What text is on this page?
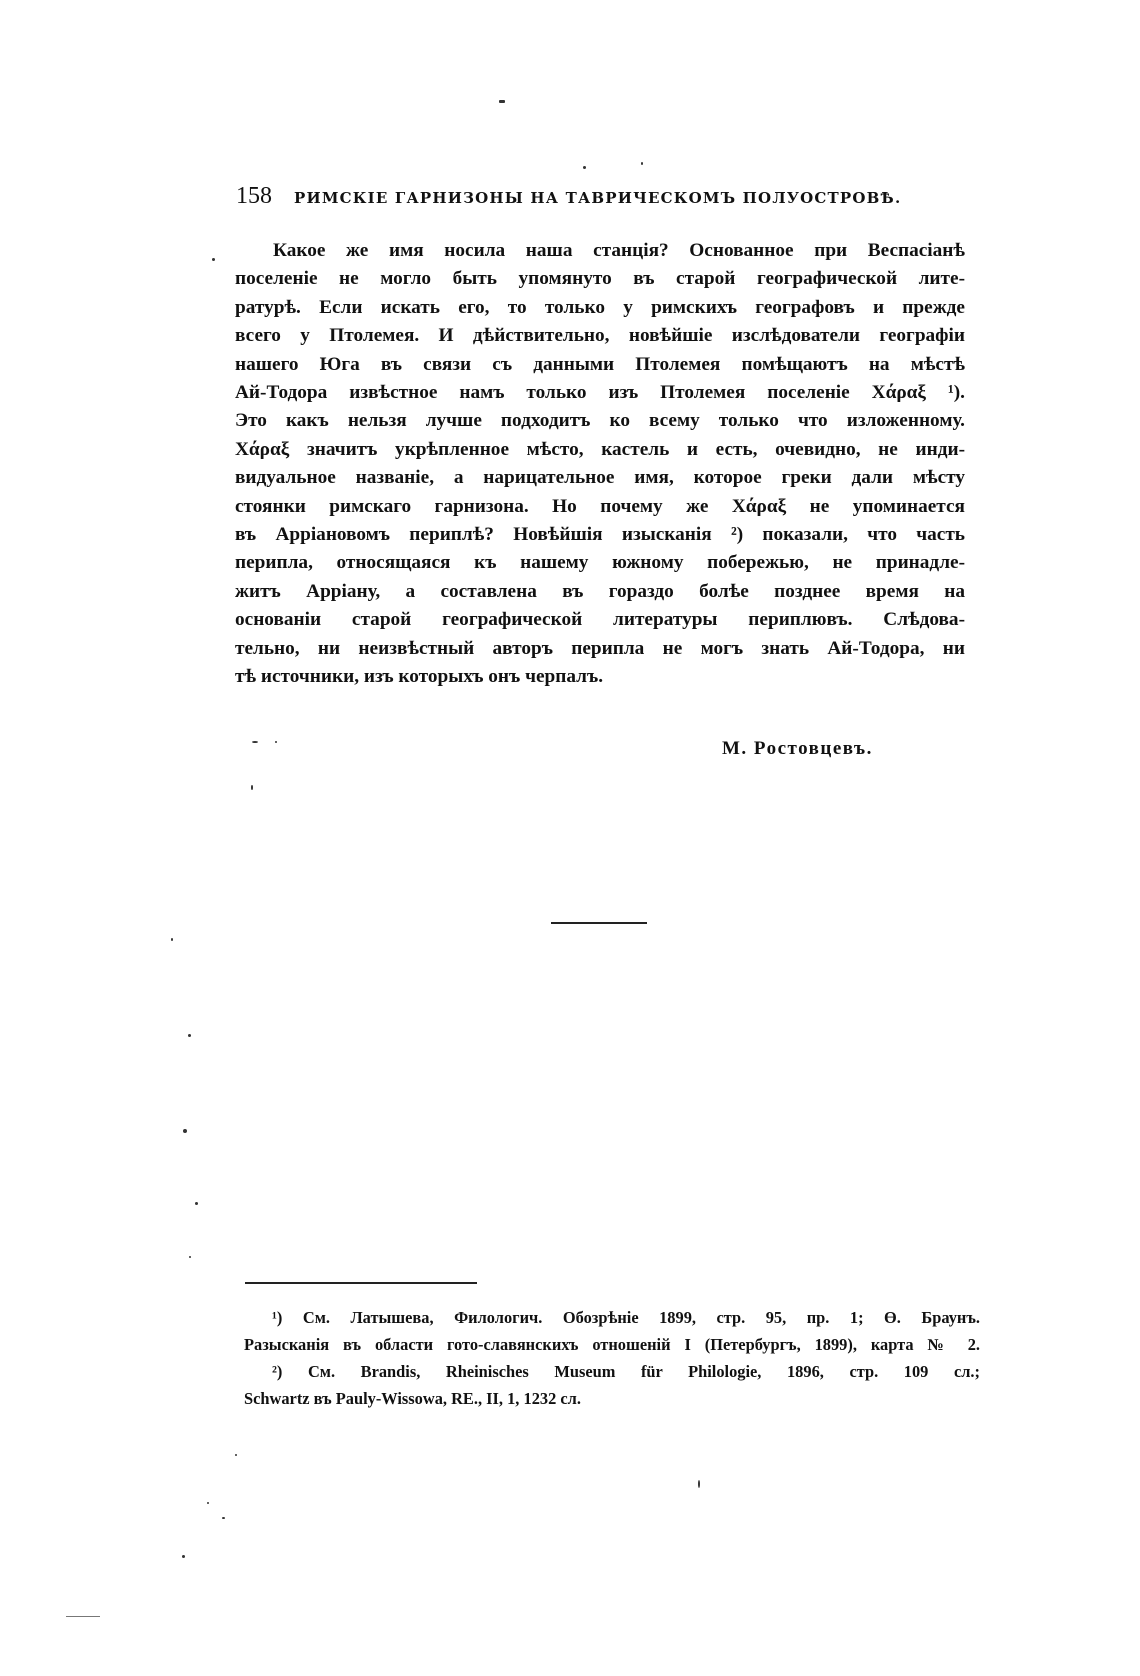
158 РИМСКІЕ ГАРНИЗОНЫ НА ТАВРИЧЕСКОМЪ ПОЛУОСТРОВѢ.
Какое же имя носила наша станція? Основанное при Веспасіанѣ
поселеніе не могло быть упомянуто въ старой географической лите-
ратурѣ. Если искать его, то только у римскихъ географовъ и прежде
всего у Птолемея. И дѣйствительно, новѣйшіе изслѣдователи географіи
нашего Юга въ связи съ данными Птолемея помѣщаютъ на мѣстѣ
Ай-Тодора извѣстное намъ только изъ Птолемея поселеніе Χάραξ ¹).
Это какъ нельзя лучше подходитъ ко всему только что изложенному.
Χάραξ значитъ укрѣпленное мѣсто, кастель и есть, очевидно, не инди-
видуальное названіе, а нарицательное имя, которое греки дали мѣсту
стоянки римскаго гарнизона. Но почему же Χάραξ не упоминается
въ Арріановомъ периплѣ? Новѣйшія изысканія ²) показали, что часть
перипла, относящаяся къ нашему южному побережью, не принадле-
житъ Арріану, а составлена въ гораздо болѣе позднее время на
основаніи старой географической литературы периплювъ. Слѣдова-
тельно, ни неизвѣстный авторъ перипла не могъ знать Ай-Тодора, ни
тѣ источники, изъ которыхъ онъ черпалъ.
М. Ростовцевъ.
¹) См. Латышева, Филологич. Обозрѣніе 1899, стр. 95, пр. 1; Ө. Браунъ.
Разысканія въ области гото-славянскихъ отношеній I (Петербургъ, 1899), карта № 2.
²) См. Brandis, Rheinisches Museum für Philologie, 1896, стр. 109 сл.;
Schwartz въ Pauly-Wissowa, RE., II, 1, 1232 сл.
